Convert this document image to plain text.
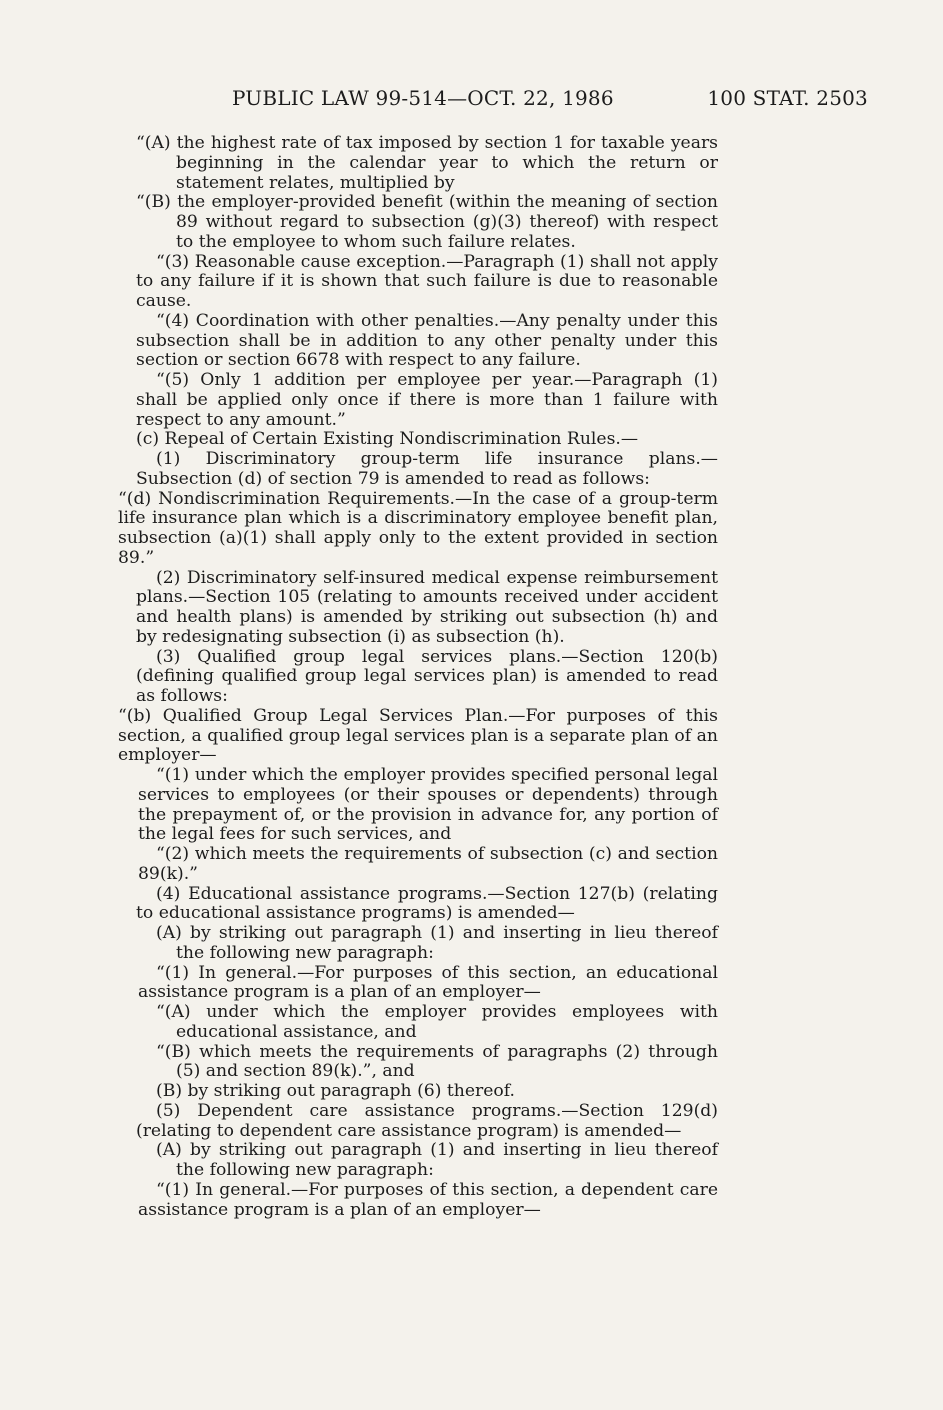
PUBLIC LAW 99-514—OCT. 22, 1986	100 STAT. 2503

“(A) the highest rate of tax imposed by section 1 for taxable years beginning in the calendar year to which the return or statement relates, multiplied by

“(B) the employer-provided benefit (within the meaning of section 89 without regard to subsection (g)(3) thereof) with respect to the employee to whom such failure relates.

“(3) Reasonable cause exception.—Paragraph (1) shall not apply to any failure if it is shown that such failure is due to reasonable cause.

“(4) Coordination with other penalties.—Any penalty under this subsection shall be in addition to any other penalty under this section or section 6678 with respect to any failure.

“(5) Only 1 addition per employee per year.—Paragraph (1) shall be applied only once if there is more than 1 failure with respect to any amount.”

(c) Repeal of Certain Existing Nondiscrimination Rules.—

(1) Discriminatory group-term life insurance plans.— Subsection (d) of section 79 is amended to read as follows:

“(d) Nondiscrimination Requirements.—In the case of a group-term life insurance plan which is a discriminatory employee benefit plan, subsection (a)(1) shall apply only to the extent provided in section 89.”

(2) Discriminatory self-insured medical expense reimbursement plans.—Section 105 (relating to amounts received under accident and health plans) is amended by striking out subsection (h) and by redesignating subsection (i) as subsection (h).

(3) Qualified group legal services plans.—Section 120(b) (defining qualified group legal services plan) is amended to read as follows:

“(b) Qualified Group Legal Services Plan.—For purposes of this section, a qualified group legal services plan is a separate plan of an employer—

“(1) under which the employer provides specified personal legal services to employees (or their spouses or dependents) through the prepayment of, or the provision in advance for, any portion of the legal fees for such services, and

“(2) which meets the requirements of subsection (c) and section 89(k).”

(4) Educational assistance programs.—Section 127(b) (relating to educational assistance programs) is amended—

(A) by striking out paragraph (1) and inserting in lieu thereof the following new paragraph:

“(1) In general.—For purposes of this section, an educational assistance program is a plan of an employer—

“(A) under which the employer provides employees with educational assistance, and

“(B) which meets the requirements of paragraphs (2) through (5) and section 89(k).”, and

(B) by striking out paragraph (6) thereof.

(5) Dependent care assistance programs.—Section 129(d) (relating to dependent care assistance program) is amended—

(A) by striking out paragraph (1) and inserting in lieu thereof the following new paragraph:

“(1) In general.—For purposes of this section, a dependent care assistance program is a plan of an employer—
